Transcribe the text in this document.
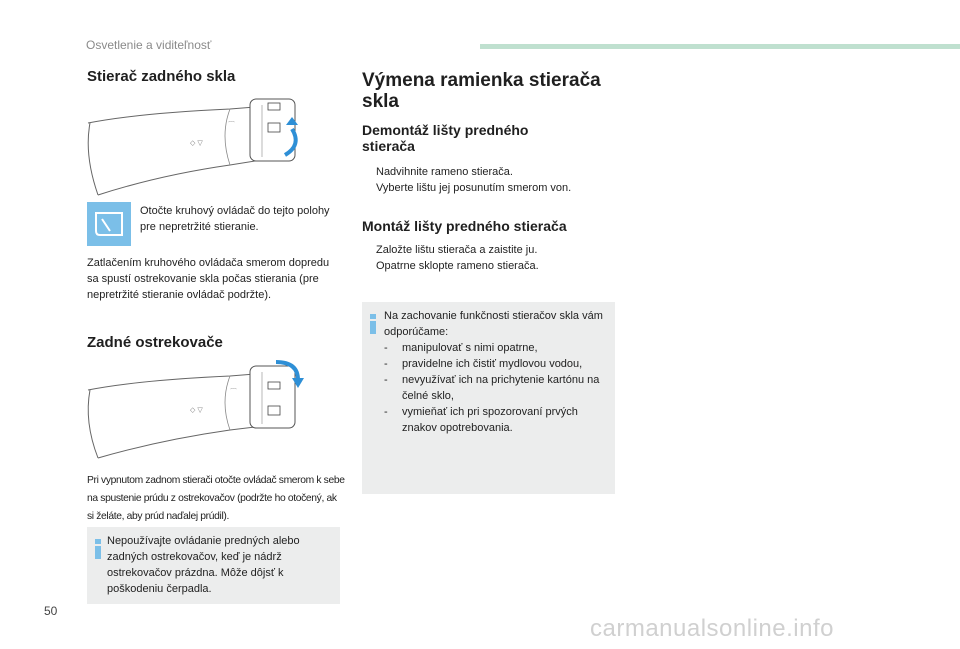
Osvetlenie a viditeľnosť
Stierač zadného skla
◇ ▽
⌒

Otočte kruhový ovládač do tejto polohy pre nepretržité stieranie.

Zatlačením kruhového ovládača smerom dopredu sa spustí ostrekovanie skla počas stierania (pre nepretržité stieranie ovládač podržte).

Zadné ostrekovače
◇ ▽
⌒

Pri vypnutom zadnom stierači otočte ovládač smerom k sebe na spustenie prúdu z ostrekovačov (podržte ho otočený, ak si želáte, aby prúd naďalej prúdil).

Nepoužívajte ovládanie predných alebo zadných ostrekovačov, keď je nádrž ostrekovačov prázdna. Môže dôjsť k poškodeniu čerpadla.
Výmena ramienka stierača skla
Demontáž lišty predného stierača
Nadvihnite rameno stierača.
Vyberte lištu jej posunutím smerom von.
Montáž lišty predného stierača
Založte lištu stierača a zaistite ju.
Opatrne sklopte rameno stierača.
Na zachovanie funkčnosti stieračov skla vám odporúčame:
- manipulovať s nimi opatrne,
- pravidelne ich čistiť mydlovou vodou,
- nevyužívať ich na prichytenie kartónu na čelné sklo,
- vymieňať ich pri spozorovaní prvých znakov opotrebovania.
50
carmanualsonline.info
